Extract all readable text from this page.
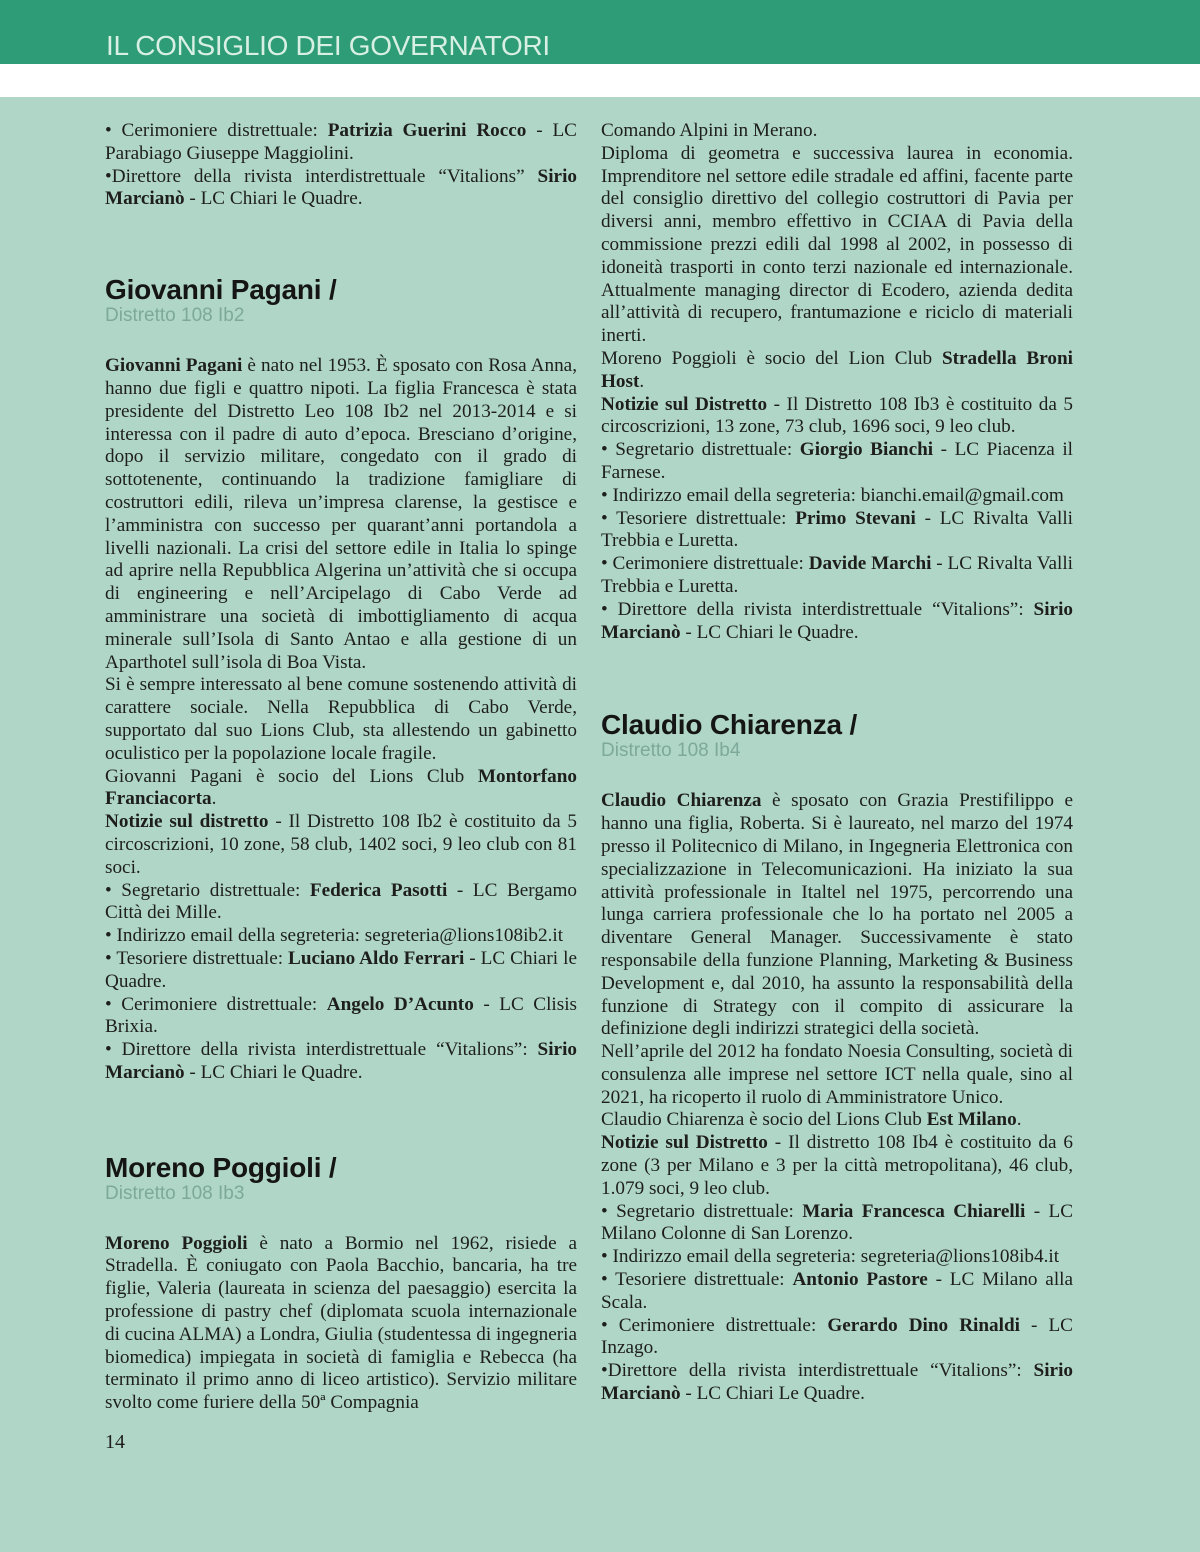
IL CONSIGLIO DEI GOVERNATORI

• Cerimoniere distrettuale: Patrizia Guerini Rocco - LC Parabiago Giuseppe Maggiolini.

•Direttore della rivista interdistrettuale “Vitalions” Sirio Marcianò - LC Chiari le Quadre.

Giovanni Pagani /
Distretto 108 Ib2

Giovanni Pagani è nato nel 1953. È sposato con Rosa Anna, hanno due figli e quattro nipoti. La figlia Francesca è stata presidente del Distretto Leo 108 Ib2 nel 2013-2014 e si interessa con il padre di auto d’epoca. Bresciano d’origine, dopo il servizio militare, congedato con il grado di sottotenente, continuando la tradizione famigliare di costruttori edili, rileva un’impresa clarense, la gestisce e l’amministra con successo per quarant’anni portandola a livelli nazionali. La crisi del settore edile in Italia lo spinge ad aprire nella Repubblica Algerina un’attività che si occupa di engineering e nell’Arcipelago di Cabo Verde ad amministrare una società di imbottigliamento di acqua minerale sull’Isola di Santo Antao e alla gestione di un Aparthotel sull’isola di Boa Vista.

Si è sempre interessato al bene comune sostenendo attività di carattere sociale. Nella Repubblica di Cabo Verde, supportato dal suo Lions Club, sta allestendo un gabinetto oculistico per la popolazione locale fragile.

Giovanni Pagani è socio del Lions Club Montorfano Franciacorta.

Notizie sul distretto - Il Distretto 108 Ib2 è costituito da 5 circoscrizioni, 10 zone, 58 club, 1402 soci, 9 leo club con 81 soci.

• Segretario distrettuale: Federica Pasotti - LC Bergamo Città dei Mille.

• Indirizzo email della segreteria: segreteria@lions108ib2.it

• Tesoriere distrettuale: Luciano Aldo Ferrari - LC Chiari le Quadre.

• Cerimoniere distrettuale: Angelo D’Acunto - LC Clisis Brixia.

• Direttore della rivista interdistrettuale “Vitalions”: Sirio Marcianò - LC Chiari le Quadre.

Moreno Poggioli /
Distretto 108 Ib3

Moreno Poggioli è nato a Bormio nel 1962, risiede a Stradella. È coniugato con Paola Bacchio, bancaria, ha tre figlie, Valeria (laureata in scienza del paesaggio) esercita la professione di pastry chef (diplomata scuola internazionale di cucina ALMA) a Londra, Giulia (studentessa di ingegneria biomedica) impiegata in società di famiglia e Rebecca (ha terminato il primo anno di liceo artistico). Servizio militare svolto come furiere della 50ª Compagnia

Comando Alpini in Merano.

Diploma di geometra e successiva laurea in economia. Imprenditore nel settore edile stradale ed affini, facente parte del consiglio direttivo del collegio costruttori di Pavia per diversi anni, membro effettivo in CCIAA di Pavia della commissione prezzi edili dal 1998 al 2002, in possesso di idoneità trasporti in conto terzi nazionale ed internazionale. Attualmente managing director di Ecodero, azienda dedita all’attività di recupero, frantumazione e riciclo di materiali inerti.

Moreno Poggioli è socio del Lion Club Stradella Broni Host.

Notizie sul Distretto - Il Distretto 108 Ib3 è costituito da 5 circoscrizioni, 13 zone, 73 club, 1696 soci, 9 leo club.

• Segretario distrettuale: Giorgio Bianchi - LC Piacenza il Farnese.

• Indirizzo email della segreteria: bianchi.email@gmail.com

• Tesoriere distrettuale: Primo Stevani - LC Rivalta Valli Trebbia e Luretta.

• Cerimoniere distrettuale: Davide Marchi - LC Rivalta Valli Trebbia e Luretta.

• Direttore della rivista interdistrettuale “Vitalions”: Sirio Marcianò - LC Chiari le Quadre.

Claudio Chiarenza /
Distretto 108 Ib4

Claudio Chiarenza è sposato con Grazia Prestifilippo e hanno una figlia, Roberta. Si è laureato, nel marzo del 1974 presso il Politecnico di Milano, in Ingegneria Elettronica con specializzazione in Telecomunicazioni. Ha iniziato la sua attività professionale in Italtel nel 1975, percorrendo una lunga carriera professionale che lo ha portato nel 2005 a diventare General Manager. Successivamente è stato responsabile della funzione Planning, Marketing & Business Development e, dal 2010, ha assunto la responsabilità della funzione di Strategy con il compito di assicurare la definizione degli indirizzi strategici della società.

Nell’aprile del 2012 ha fondato Noesia Consulting, società di consulenza alle imprese nel settore ICT nella quale, sino al 2021, ha ricoperto il ruolo di Amministratore Unico.

Claudio Chiarenza è socio del Lions Club Est Milano.

Notizie sul Distretto - Il distretto 108 Ib4 è costituito da 6 zone (3 per Milano e 3 per la città metropolitana), 46 club, 1.079 soci, 9 leo club.

• Segretario distrettuale: Maria Francesca Chiarelli - LC Milano Colonne di San Lorenzo.

• Indirizzo email della segreteria: segreteria@lions108ib4.it

• Tesoriere distrettuale: Antonio Pastore - LC Milano alla Scala.

• Cerimoniere distrettuale: Gerardo Dino Rinaldi - LC Inzago.

•Direttore della rivista interdistrettuale “Vitalions”: Sirio Marcianò - LC Chiari Le Quadre.

14
